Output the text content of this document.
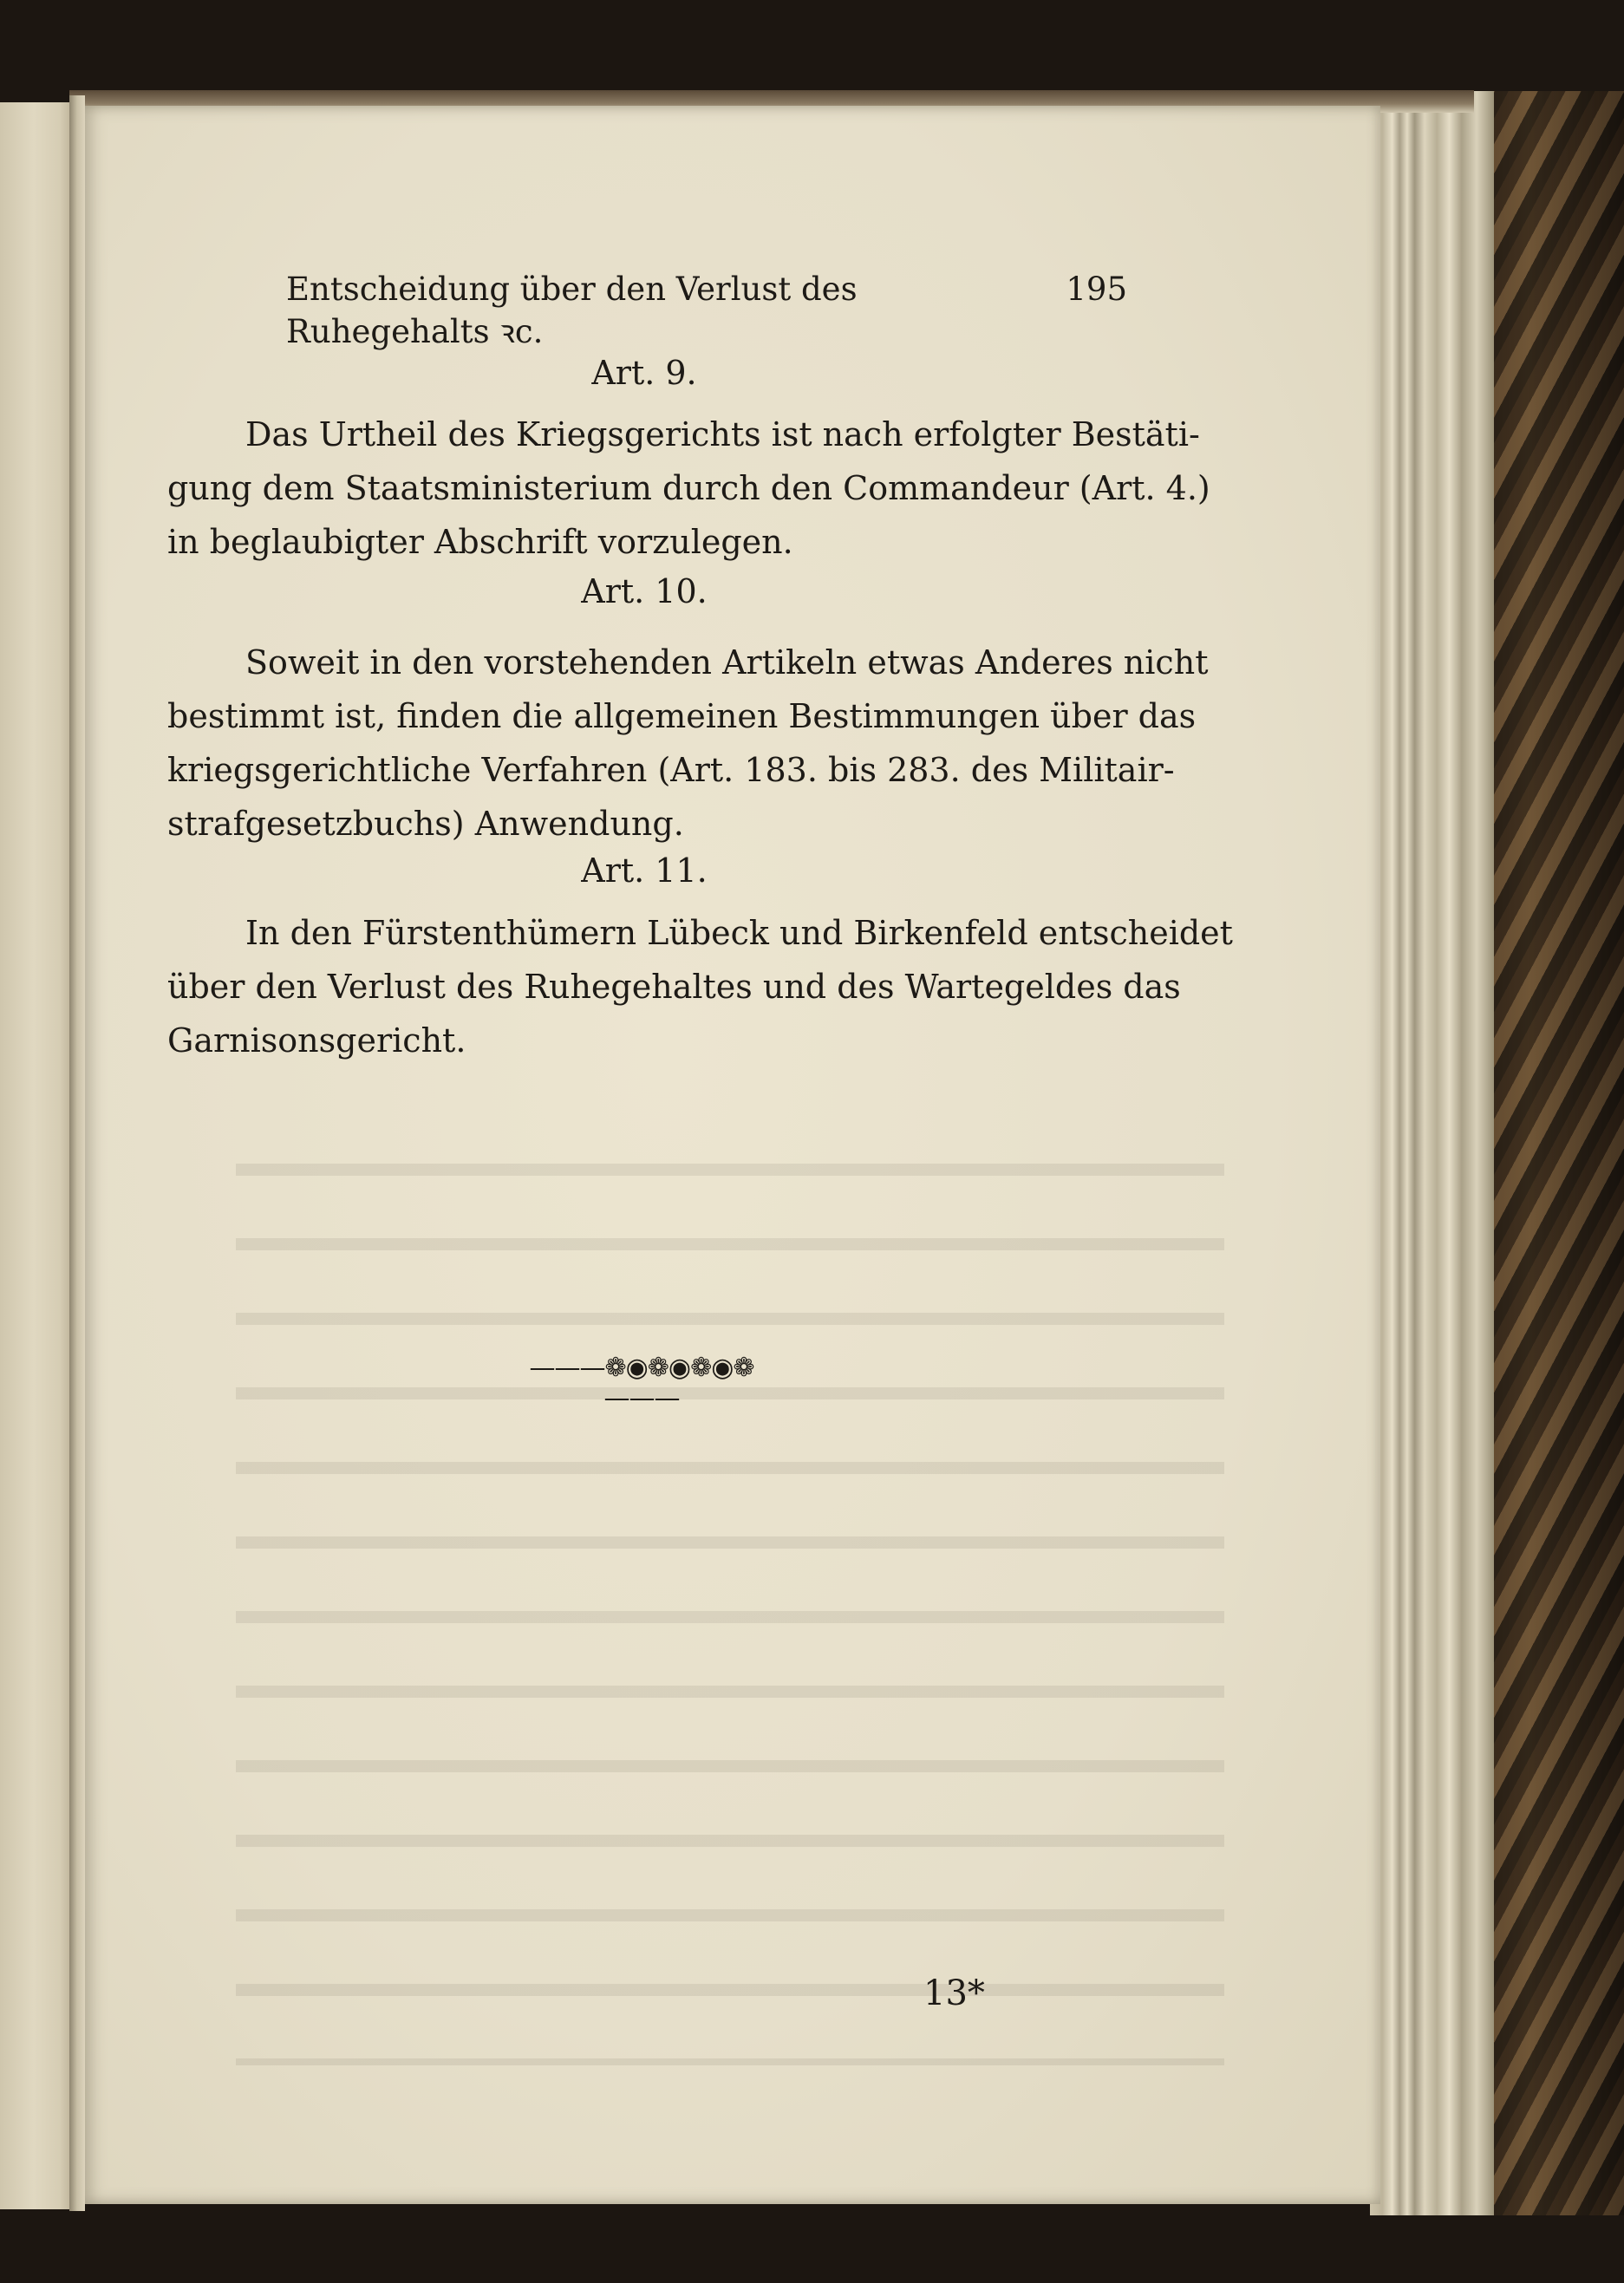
Entscheidung über den Verlust des Ruhegehalts ꝛc.
195
Art. 9.
Das Urtheil des Kriegsgerichts ist nach erfolgter Bestäti-
gung dem Staatsministerium durch den Commandeur (Art. 4.)
in beglaubigter Abschrift vorzulegen.
Art. 10.
Soweit in den vorstehenden Artikeln etwas Anderes nicht
bestimmt ist, finden die allgemeinen Bestimmungen über das
kriegsgerichtliche Verfahren (Art. 183. bis 283. des Militair-
strafgesetzbuchs) Anwendung.
Art. 11.
In den Fürstenthümern Lübeck und Birkenfeld entscheidet
über den Verlust des Ruhegehaltes und des Wartegeldes das
Garnisonsgericht.
———❁◉❁◉❁◉❁———
13*
